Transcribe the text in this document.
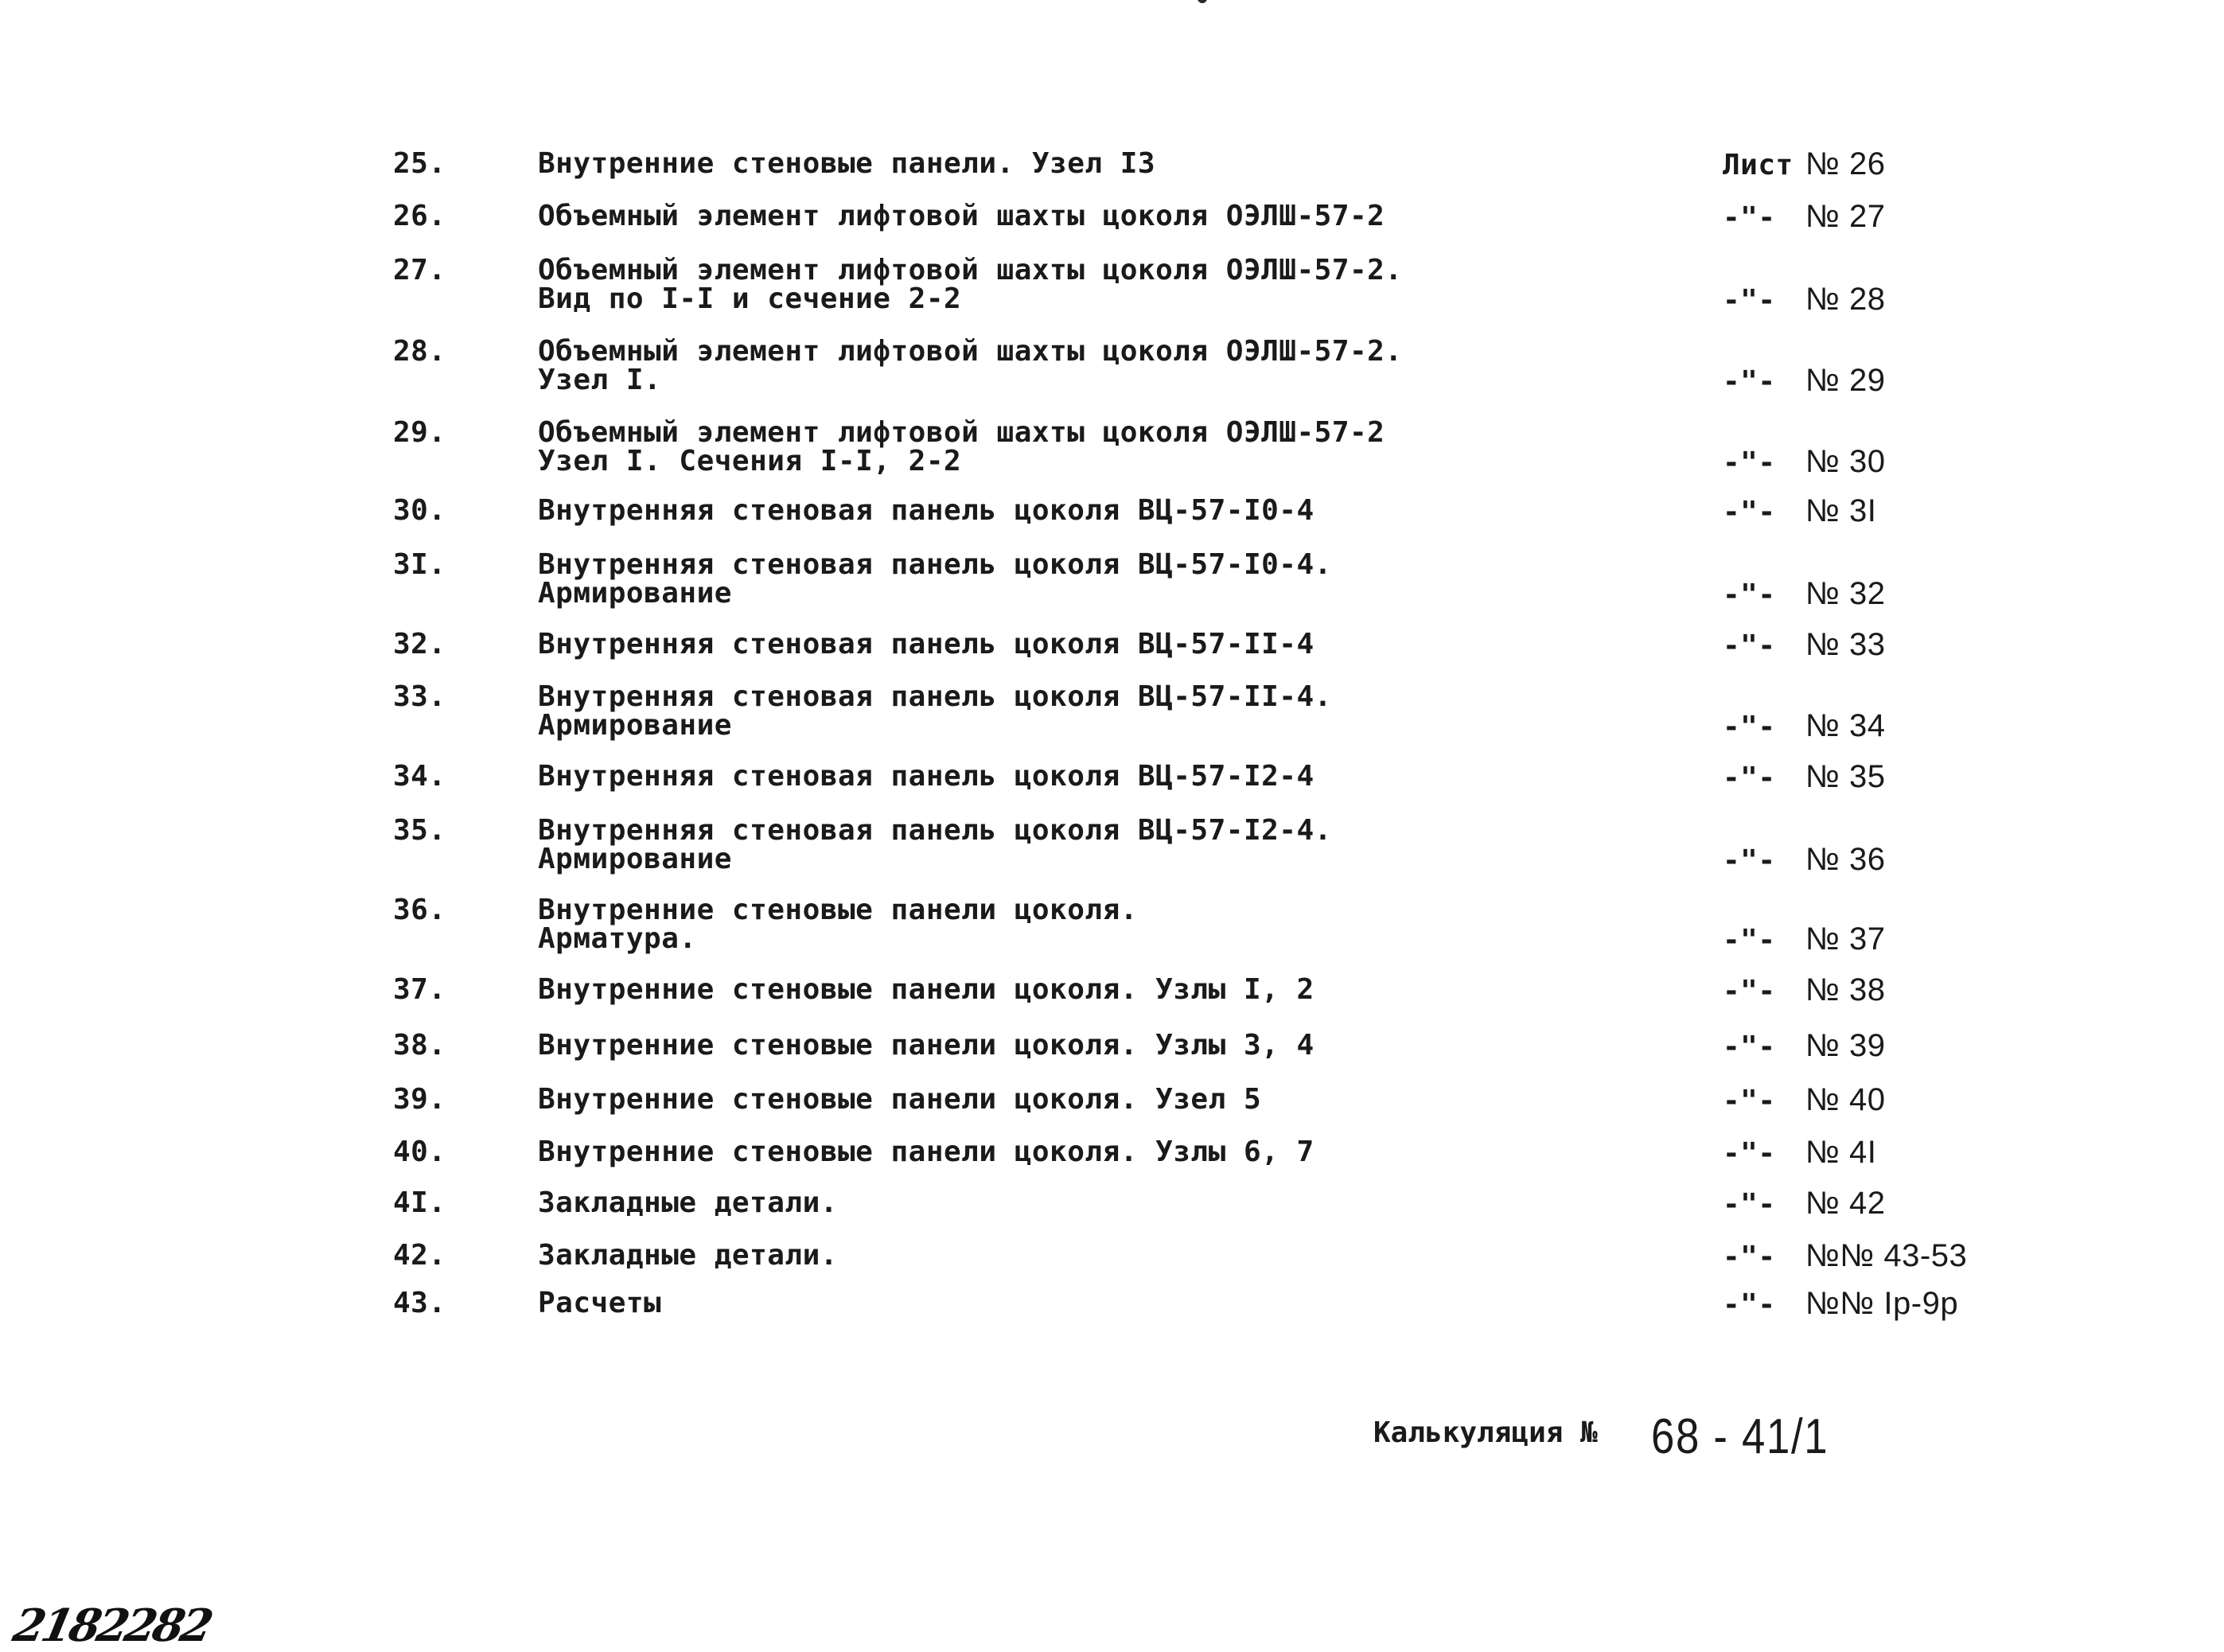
25.	Внутренние стеновые панели. Узел I3	Лист № 26
26.	Объемный элемент лифтовой шахты цоколя ОЭЛШ-57-2	-"- № 27
27.	Объемный элемент лифтовой шахты цоколя ОЭЛШ-57-2.
Вид по I-I и сечение 2-2	-"- № 28
28.	Объемный элемент лифтовой шахты цоколя ОЭЛШ-57-2.
Узел I.	-"- № 29
29.	Объемный элемент лифтовой шахты цоколя ОЭЛШ-57-2
Узел I. Сечения I-I, 2-2	-"- № 30
30.	Внутренняя стеновая панель цоколя ВЦ-57-I0-4	-"- № 3I
3I.	Внутренняя стеновая панель цоколя ВЦ-57-I0-4.
Армирование	-"- № 32
32.	Внутренняя стеновая панель цоколя ВЦ-57-II-4	-"- № 33
33.	Внутренняя стеновая панель цоколя ВЦ-57-II-4.
Армирование	-"- № 34
34.	Внутренняя стеновая панель цоколя ВЦ-57-I2-4	-"- № 35
35.	Внутренняя стеновая панель цоколя ВЦ-57-I2-4.
Армирование	-"- № 36
36.	Внутренние стеновые панели цоколя.
Арматура.	-"- № 37
37.	Внутренние стеновые панели цоколя. Узлы I, 2	-"- № 38
38.	Внутренние стеновые панели цоколя. Узлы 3, 4	-"- № 39
39.	Внутренние стеновые панели цоколя. Узел 5	-"- № 40
40.	Внутренние стеновые панели цоколя. Узлы 6, 7	-"- № 4I
4I.	Закладные детали.	-"- № 42
42.	Закладные детали.	-"- №№ 43-53
43.	Расчеты	-"- №№ Iр-9р
Калькуляция № 68 - 41/1
2182282
